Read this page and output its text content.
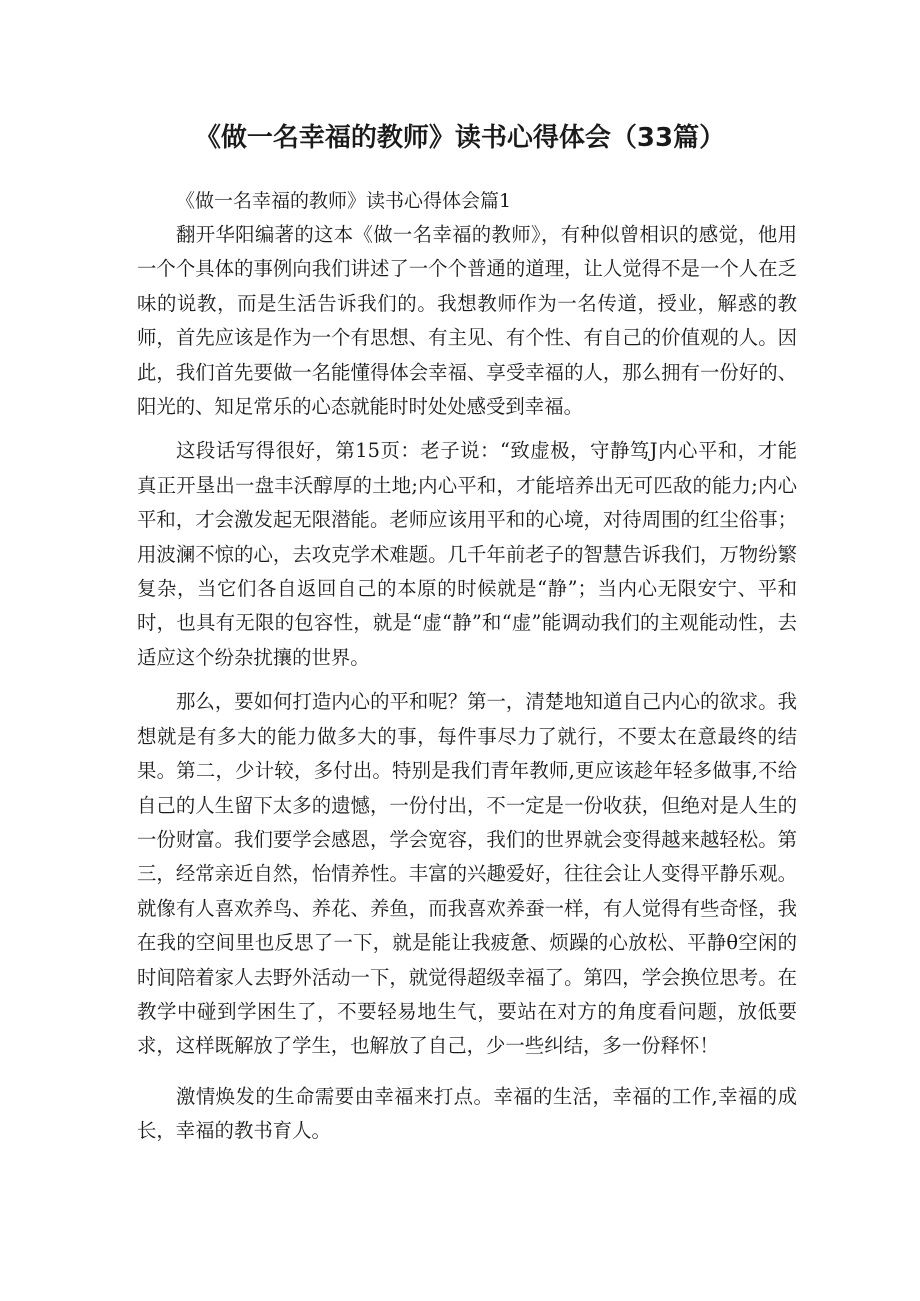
《做一名幸福的教师》读书心得体会（33篇）

《做一名幸福的教师》读书心得体会篇1

翻开华阳编著的这本《做一名幸福的教师》，有种似曾相识的感觉，他用一个个具体的事例向我们讲述了一个个普通的道理，让人觉得不是一个人在乏味的说教，而是生活告诉我们的。我想教师作为一名传道，授业，解惑的教师，首先应该是作为一个有思想、有主见、有个性、有自己的价值观的人。因此，我们首先要做一名能懂得体会幸福、享受幸福的人，那么拥有一份好的、阳光的、知足常乐的心态就能时时处处感受到幸福。

这段话写得很好，第15页：老子说：“致虚极，守静笃J内心平和，才能真正开垦出一盘丰沃醇厚的土地;内心平和，才能培养出无可匹敌的能力;内心平和，才会激发起无限潜能。老师应该用平和的心境，对待周围的红尘俗事；用波澜不惊的心，去攻克学术难题。几千年前老子的智慧告诉我们，万物纷繁复杂，当它们各自返回自己的本原的时候就是“静”；当内心无限安宁、平和时，也具有无限的包容性，就是“虚“静”和“虚”能调动我们的主观能动性，去适应这个纷杂扰攘的世界。

那么，要如何打造内心的平和呢？第一，清楚地知道自己内心的欲求。我想就是有多大的能力做多大的事，每件事尽力了就行，不要太在意最终的结果。第二，少计较，多付出。特别是我们青年教师,更应该趁年轻多做事,不给自己的人生留下太多的遗憾，一份付出，不一定是一份收获，但绝对是人生的一份财富。我们要学会感恩，学会宽容，我们的世界就会变得越来越轻松。第三，经常亲近自然，怡情养性。丰富的兴趣爱好，往往会让人变得平静乐观。就像有人喜欢养鸟、养花、养鱼，而我喜欢养蚕一样，有人觉得有些奇怪，我在我的空间里也反思了一下，就是能让我疲惫、烦躁的心放松、平静θ空闲的时间陪着家人去野外活动一下，就觉得超级幸福了。第四，学会换位思考。在教学中碰到学困生了，不要轻易地生气，要站在对方的角度看问题，放低要求，这样既解放了学生，也解放了自己，少一些纠结，多一份释怀！

激情焕发的生命需要由幸福来打点。幸福的生活，幸福的工作,幸福的成长，幸福的教书育人。
